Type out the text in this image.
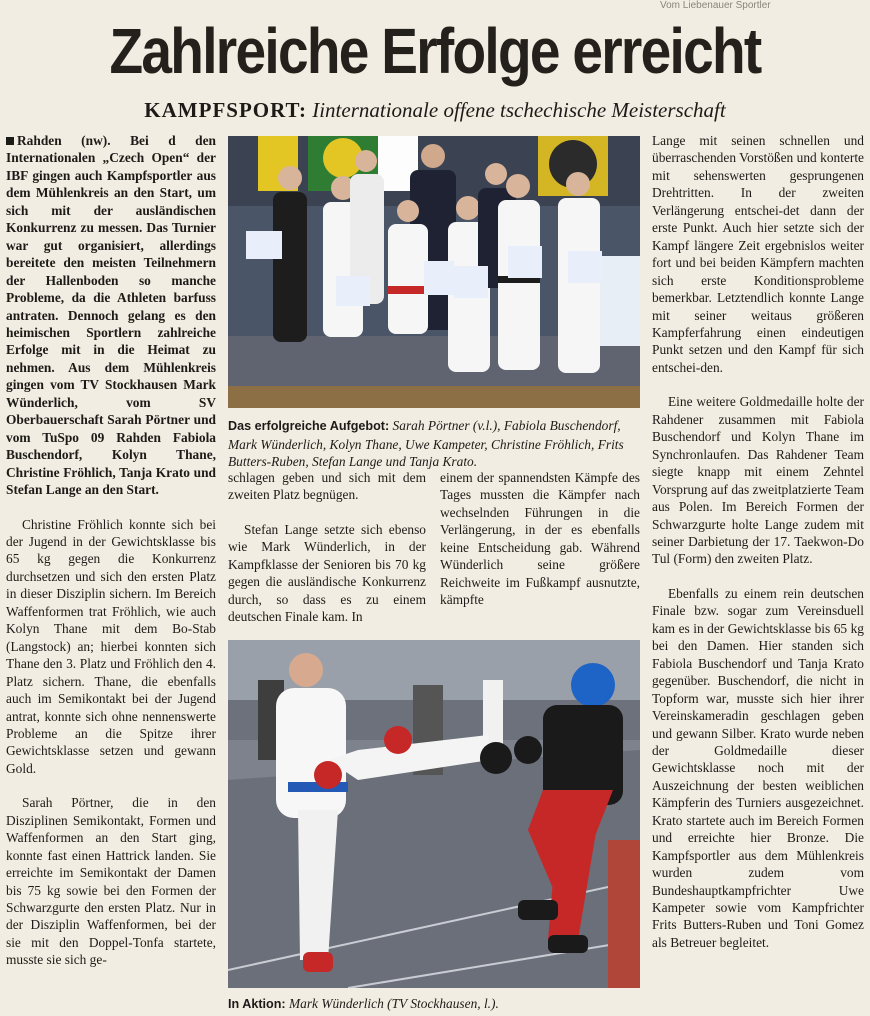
Vom Liebenauer Sportler
Zahlreiche Erfolge erreicht
KAMPFSPORT: Iinternationale offene tschechische Meisterschaft

Rahden (nw). Bei d den Internationalen „Czech Open“ der IBF gingen auch Kampfsportler aus dem Mühlenkreis an den Start, um sich mit der ausländischen Konkurrenz zu messen. Das Turnier war gut organisiert, allerdings bereitete den meisten Teilnehmern der Hallenboden so manche Probleme, da die Athleten barfuss antraten. Dennoch gelang es den heimischen Sportlern zahlreiche Erfolge mit in die Heimat zu nehmen. Aus dem Mühlenkreis gingen vom TV Stockhausen Mark Wünderlich, vom SV Oberbauerschaft Sarah Pörtner und vom TuSpo 09 Rahden Fabiola Buschendorf, Kolyn Thane, Christine Fröhlich, Tanja Krato und Stefan Lange an den Start.

Christine Fröhlich konnte sich bei der Jugend in der Gewichtsklasse bis 65 kg gegen die Konkurrenz durchsetzen und sich den ersten Platz in dieser Disziplin sichern. Im Bereich Waffenformen trat Fröhlich, wie auch Kolyn Thane mit dem Bo-Stab (Langstock) an; hierbei konnten sich Thane den 3. Platz und Fröhlich den 4. Platz sichern. Thane, die ebenfalls auch im Semikontakt bei der Jugend antrat, konnte sich ohne nennenswerte Probleme an die Spitze ihrer Gewichtsklasse setzen und gewann Gold.

Sarah Pörtner, die in den Disziplinen Semikontakt, Formen und Waffenformen an den Start ging, konnte fast einen Hattrick landen. Sie erreichte im Semikontakt der Damen bis 75 kg sowie bei den Formen der Schwarzgurte den ersten Platz. Nur in der Disziplin Waffenformen, bei der sie mit den Doppel-Tonfa startete, musste sie sich ge-

Das erfolgreiche Aufgebot: Sarah Pörtner (v.l.), Fabiola Buschendorf, Mark Wünderlich, Kolyn Thane, Uwe Kampeter, Christine Fröhlich, Frits Butters-Ruben, Stefan Lange und Tanja Krato.

schlagen geben und sich mit dem zweiten Platz begnügen.

Stefan Lange setzte sich ebenso wie Mark Wünderlich, in der Kampfklasse der Senioren bis 70 kg gegen die ausländische Konkurrenz durch, so dass es zu einem deutschen Finale kam. In

einem der spannendsten Kämpfe des Tages mussten die Kämpfer nach wechselnden Führungen in die Verlängerung, in der es ebenfalls keine Entscheidung gab. Während Wünderlich seine größere Reichweite im Fußkampf ausnutzte, kämpfte

In Aktion: Mark Wünderlich (TV Stockhausen, l.).

Lange mit seinen schnellen und überraschenden Vorstößen und konterte mit sehenswerten gesprungenen Drehtritten. In der zweiten Verlängerung entschei-det dann der erste Punkt. Auch hier setzte sich der Kampf längere Zeit ergebnislos weiter fort und bei beiden Kämpfern machten sich erste Konditionsprobleme bemerkbar. Letztendlich konnte Lange mit seiner weitaus größeren Kampferfahrung einen eindeutigen Punkt setzen und den Kampf für sich entschei-den.

Eine weitere Goldmedaille holte der Rahdener zusammen mit Fabiola Buschendorf und Kolyn Thane im Synchronlaufen. Das Rahdener Team siegte knapp mit einem Zehntel Vorsprung auf das zweitplatzierte Team aus Polen. Im Bereich Formen der Schwarzgurte holte Lange zudem mit seiner Darbietung der 17. Taekwon-Do Tul (Form) den zweiten Platz.

Ebenfalls zu einem rein deutschen Finale bzw. sogar zum Vereinsduell kam es in der Gewichtsklasse bis 65 kg bei den Damen. Hier standen sich Fabiola Buschendorf und Tanja Krato gegenüber. Buschendorf, die nicht in Topform war, musste sich hier ihrer Vereinskameradin geschlagen geben und gewann Silber. Krato wurde neben der Goldmedaille dieser Gewichtsklasse noch mit der Auszeichnung der besten weiblichen Kämpferin des Turniers ausgezeichnet. Krato startete auch im Bereich Formen und erreichte hier Bronze. Die Kampfsportler aus dem Mühlenkreis wurden zudem vom Bundeshauptkampfrichter Uwe Kampeter sowie vom Kampfrichter Frits Butters-Ruben und Toni Gomez als Betreuer begleitet.
